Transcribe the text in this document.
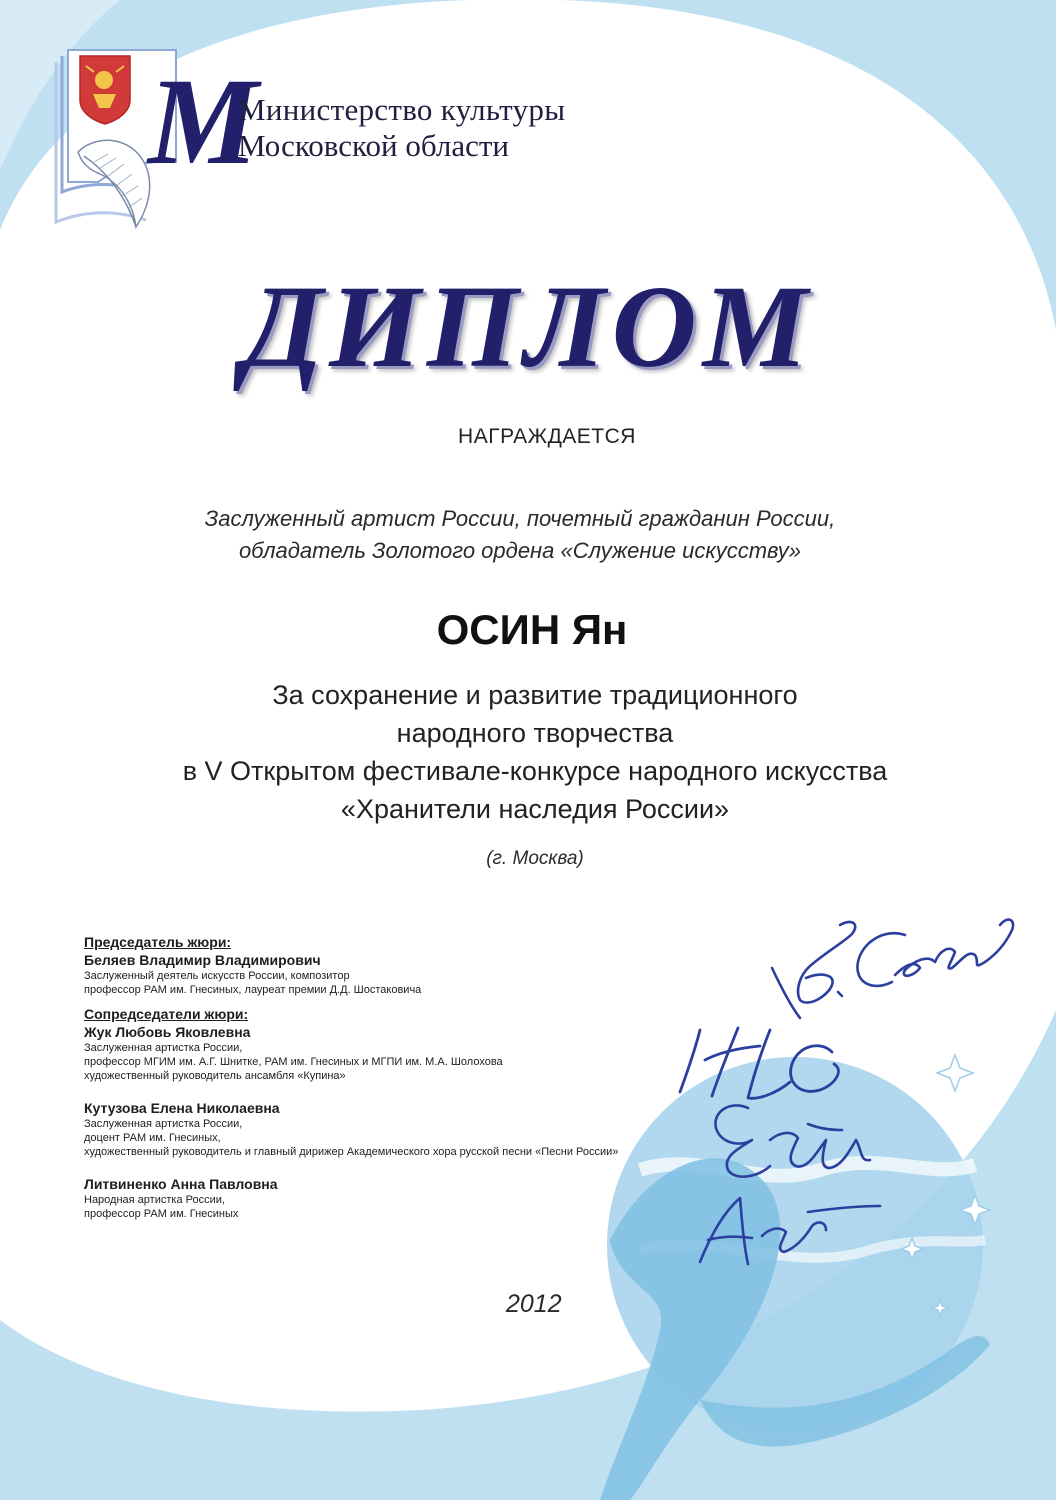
М
Министерство культуры
Московской области
ДИПЛОМ
НАГРАЖДАЕТСЯ
Заслуженный артист России, почетный гражданин России,
обладатель Золотого ордена «Служение искусству»
ОСИН Ян
За сохранение и развитие традиционного
народного творчества
в V Открытом фестивале-конкурсе народного искусства
«Хранители наследия России»
(г. Москва)
Председатель жюри:
Беляев Владимир Владимирович
Заслуженный деятель искусств России, композитор
профессор РАМ им. Гнесиных, лауреат премии Д.Д. Шостаковича
Сопредседатели жюри:
Жук Любовь Яковлевна
Заслуженная артистка России,
профессор МГИМ им. А.Г. Шнитке, РАМ им. Гнесиных и МГПИ им. М.А. Шолохова
художественный руководитель ансамбля «Купина»
Кутузова Елена Николаевна
Заслуженная артистка России,
доцент РАМ им. Гнесиных,
художественный руководитель и главный дирижер Академического хора русской песни «Песни России»
Литвиненко Анна Павловна
Народная артистка России,
профессор РАМ им. Гнесиных
2012
